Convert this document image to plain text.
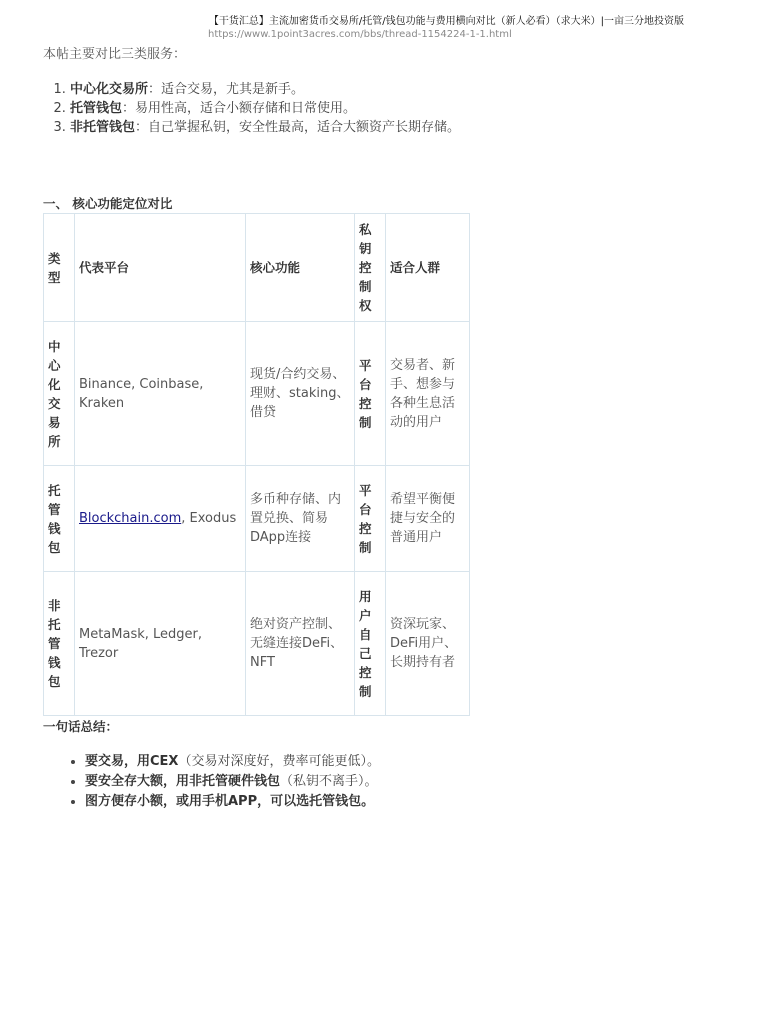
【干货汇总】主流加密货币交易所/托管/钱包功能与费用横向对比（新人必看）（求大米）|一亩三分地投资版
https://www.1point3acres.com/bbs/thread-1154224-1-1.html

本帖主要对比三类服务：

1. 中心化交易所：适合交易，尤其是新手。
2. 托管钱包：易用性高，适合小额存储和日常使用。
3. 非托管钱包：自己掌握私钥，安全性最高，适合大额资产长期存储。

一、 核心功能定位对比

类型	代表平台	核心功能	私钥控制权	适合人群
中心化交易所	Binance, Coinbase, Kraken	现货/合约交易、理财、staking、借贷	平台控制	交易者、新手、想参与各种生息活动的用户
托管钱包	Blockchain.com, Exodus	多币种存储、内置兑换、简易DApp连接	平台控制	希望平衡便捷与安全的普通用户
非托管钱包	MetaMask, Ledger, Trezor	绝对资产控制、无缝连接DeFi、NFT	用户自己控制	资深玩家、DeFi用户、长期持有者

一句话总结：

• 要交易，用CEX（交易对深度好，费率可能更低）。
• 要安全存大额，用非托管硬件钱包（私钥不离手）。
• 图方便存小额，或用手机APP，可以选托管钱包。
